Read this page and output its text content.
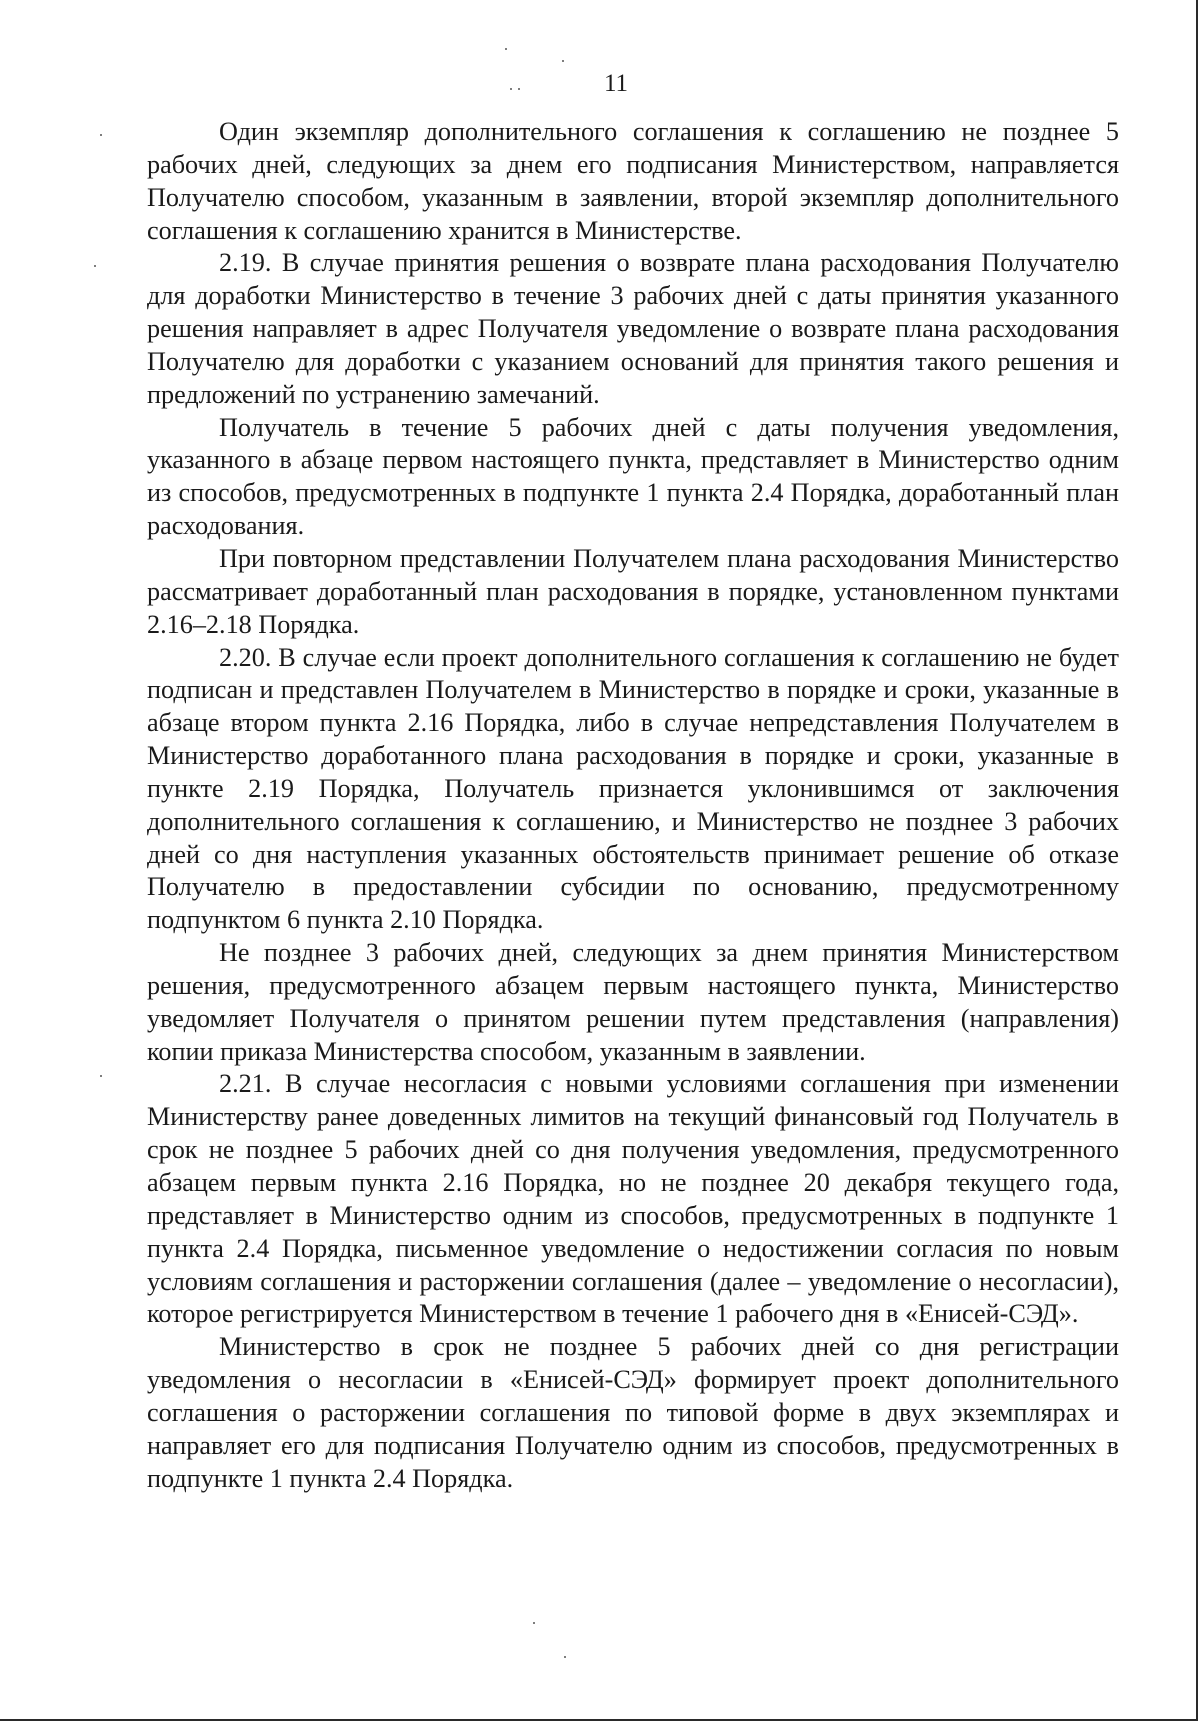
11

Один экземпляр дополнительного соглашения к соглашению не позднее 5 рабочих дней, следующих за днем его подписания Министерством, направляется Получателю способом, указанным в заявлении, второй экземпляр дополнительного соглашения к соглашению хранится в Министерстве.

2.19. В случае принятия решения о возврате плана расходования Получателю для доработки Министерство в течение 3 рабочих дней с даты принятия указанного решения направляет в адрес Получателя уведомление о возврате плана расходования Получателю для доработки с указанием оснований для принятия такого решения и предложений по устранению замечаний.

Получатель в течение 5 рабочих дней с даты получения уведомления, указанного в абзаце первом настоящего пункта, представляет в Министерство одним из способов, предусмотренных в подпункте 1 пункта 2.4 Порядка, доработанный план расходования.

При повторном представлении Получателем плана расходования Министерство рассматривает доработанный план расходования в порядке, установленном пунктами 2.16–2.18 Порядка.

2.20. В случае если проект дополнительного соглашения к соглашению не будет подписан и представлен Получателем в Министерство в порядке и сроки, указанные в абзаце втором пункта 2.16 Порядка, либо в случае непредставления Получателем в Министерство доработанного плана расходования в порядке и сроки, указанные в пункте 2.19 Порядка, Получатель признается уклонившимся от заключения дополнительного соглашения к соглашению, и Министерство не позднее 3 рабочих дней со дня наступления указанных обстоятельств принимает решение об отказе Получателю в предоставлении субсидии по основанию, предусмотренному подпунктом 6 пункта 2.10 Порядка.

Не позднее 3 рабочих дней, следующих за днем принятия Министерством решения, предусмотренного абзацем первым настоящего пункта, Министерство уведомляет Получателя о принятом решении путем представления (направления) копии приказа Министерства способом, указанным в заявлении.

2.21. В случае несогласия с новыми условиями соглашения при изменении Министерству ранее доведенных лимитов на текущий финансовый год Получатель в срок не позднее 5 рабочих дней со дня получения уведомления, предусмотренного абзацем первым пункта 2.16 Порядка, но не позднее 20 декабря текущего года, представляет в Министерство одним из способов, предусмотренных в подпункте 1 пункта 2.4 Порядка, письменное уведомление о недостижении согласия по новым условиям соглашения и расторжении соглашения (далее – уведомление о несогласии), которое регистрируется Министерством в течение 1 рабочего дня в «Енисей-СЭД».

Министерство в срок не позднее 5 рабочих дней со дня регистрации уведомления о несогласии в «Енисей-СЭД» формирует проект дополнительного соглашения о расторжении соглашения по типовой форме в двух экземплярах и направляет его для подписания Получателю одним из способов, предусмотренных в подпункте 1 пункта 2.4 Порядка.
